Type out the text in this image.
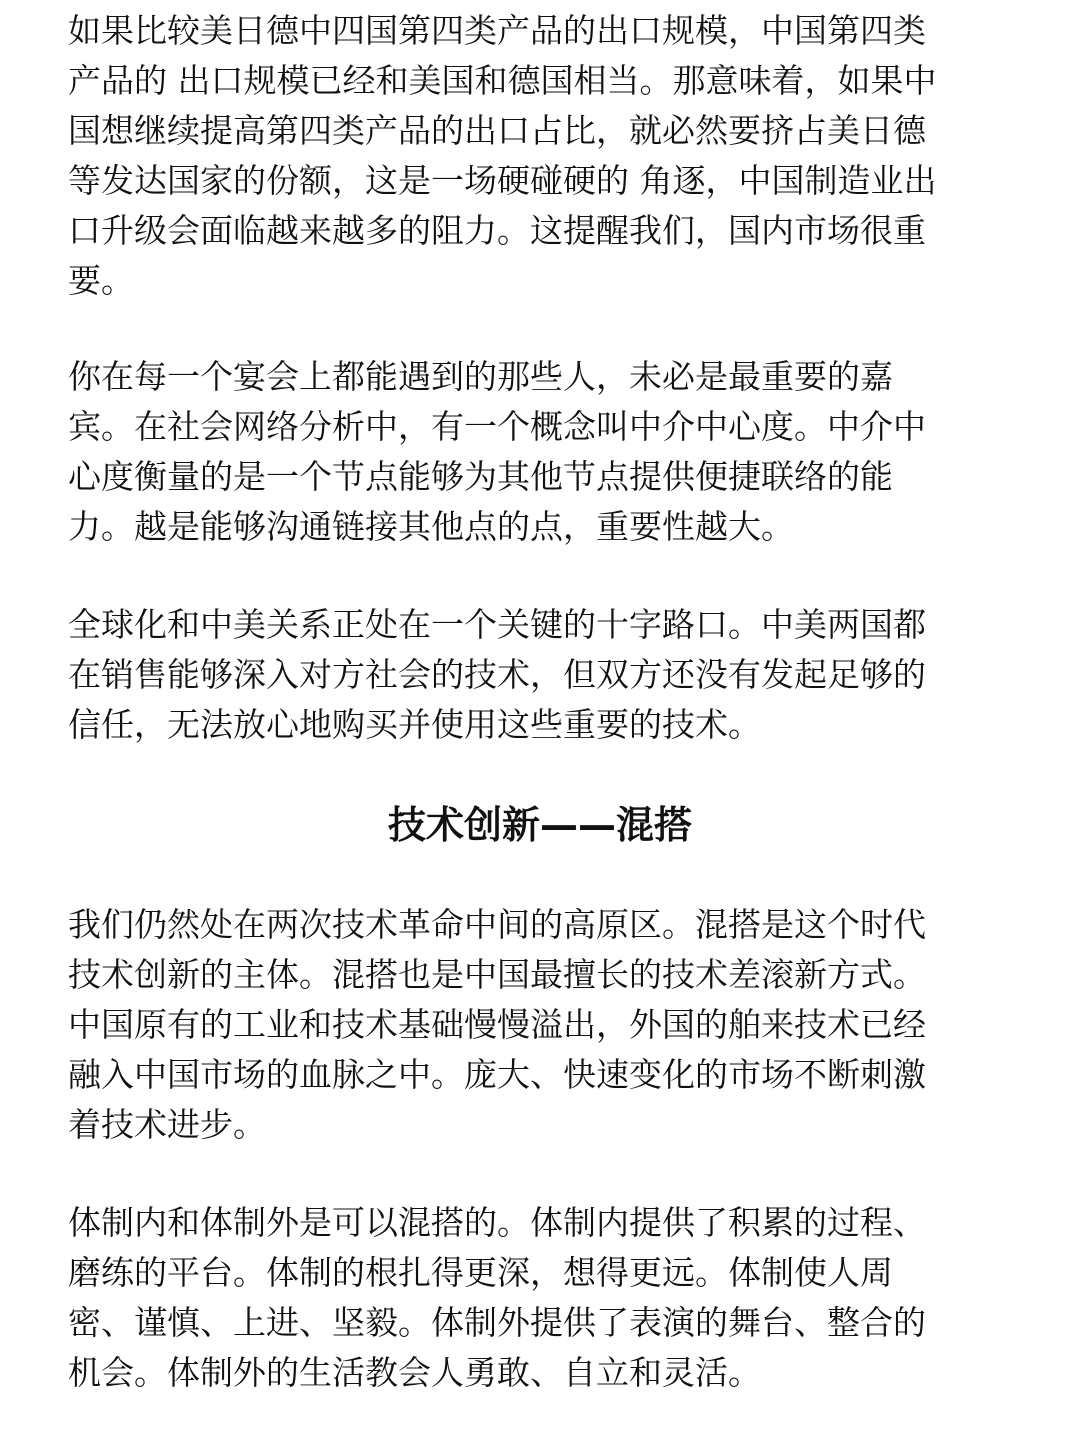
如果比较美日德中四国第四类产品的出口规模，中国第四类
产品的 出口规模已经和美国和德国相当。那意味着，如果中
国想继续提高第四类产品的出口占比，就必然要挤占美日德
等发达国家的份额，这是一场硬碰硬的 角逐，中国制造业出
口升级会面临越来越多的阻力。这提醒我们，国内市场很重
要。
你在每一个宴会上都能遇到的那些人，未必是最重要的嘉
宾。在社会网络分析中，有一个概念叫中介中心度。中介中
心度衡量的是一个节点能够为其他节点提供便捷联络的能
力。越是能够沟通链接其他点的点，重要性越大。
全球化和中美关系正处在一个关键的十字路口。中美两国都
在销售能够深入对方社会的技术，但双方还没有发起足够的
信任，无法放心地购买并使用这些重要的技术。
技术创新——混搭
我们仍然处在两次技术革命中间的高原区。混搭是这个时代
技术创新的主体。混搭也是中国最擅长的技术差滚新方式。
中国原有的工业和技术基础慢慢溢出，外国的舶来技术已经
融入中国市场的血脉之中。庞大、快速变化的市场不断刺激
着技术进步。
体制内和体制外是可以混搭的。体制内提供了积累的过程、
磨练的平台。体制的根扎得更深，想得更远。体制使人周
密、谨慎、上进、坚毅。体制外提供了表演的舞台、整合的
机会。体制外的生活教会人勇敢、自立和灵活。
